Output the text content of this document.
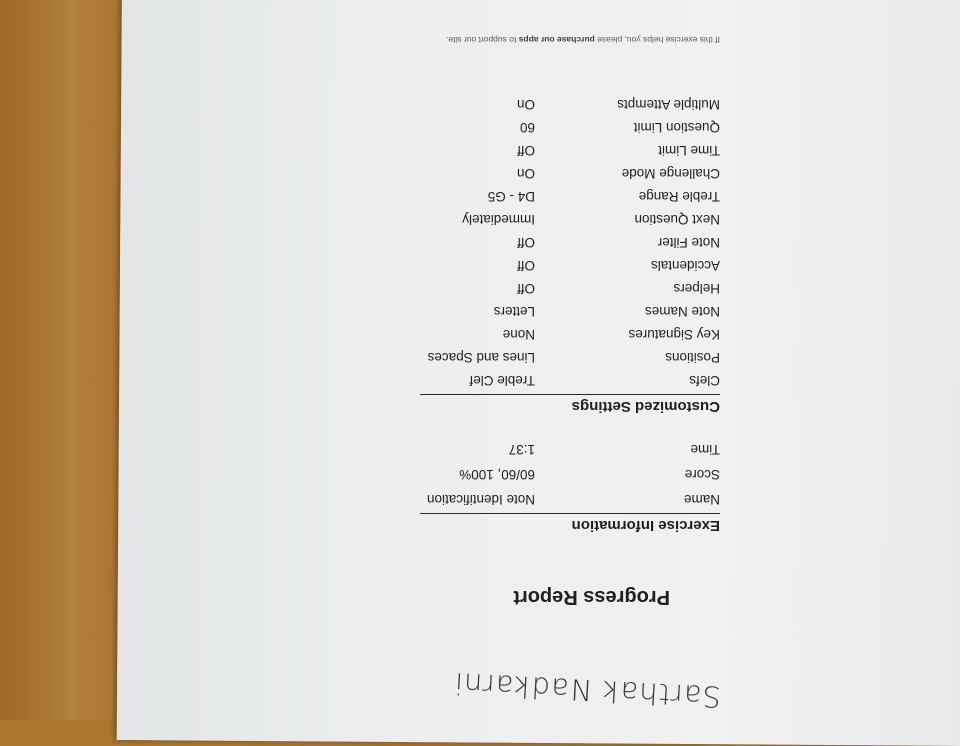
Sarthak Nadkarni
Progress Report
Exercise Information
Name
Note Identification
Score
60/60, 100%
Time
1:37
Customized Settings
Clefs
Treble Clef
Positions
Lines and Spaces
Key Signatures
None
Note Names
Letters
Helpers
Off
Accidentals
Off
Note Filter
Off
Next Question
Immediately
Treble Range
D4 - G5
Challenge Mode
On
Time Limit
Off
Question Limit
60
Multiple Attempts
On
If this exercise helps you, please purchase our apps to support our site.
